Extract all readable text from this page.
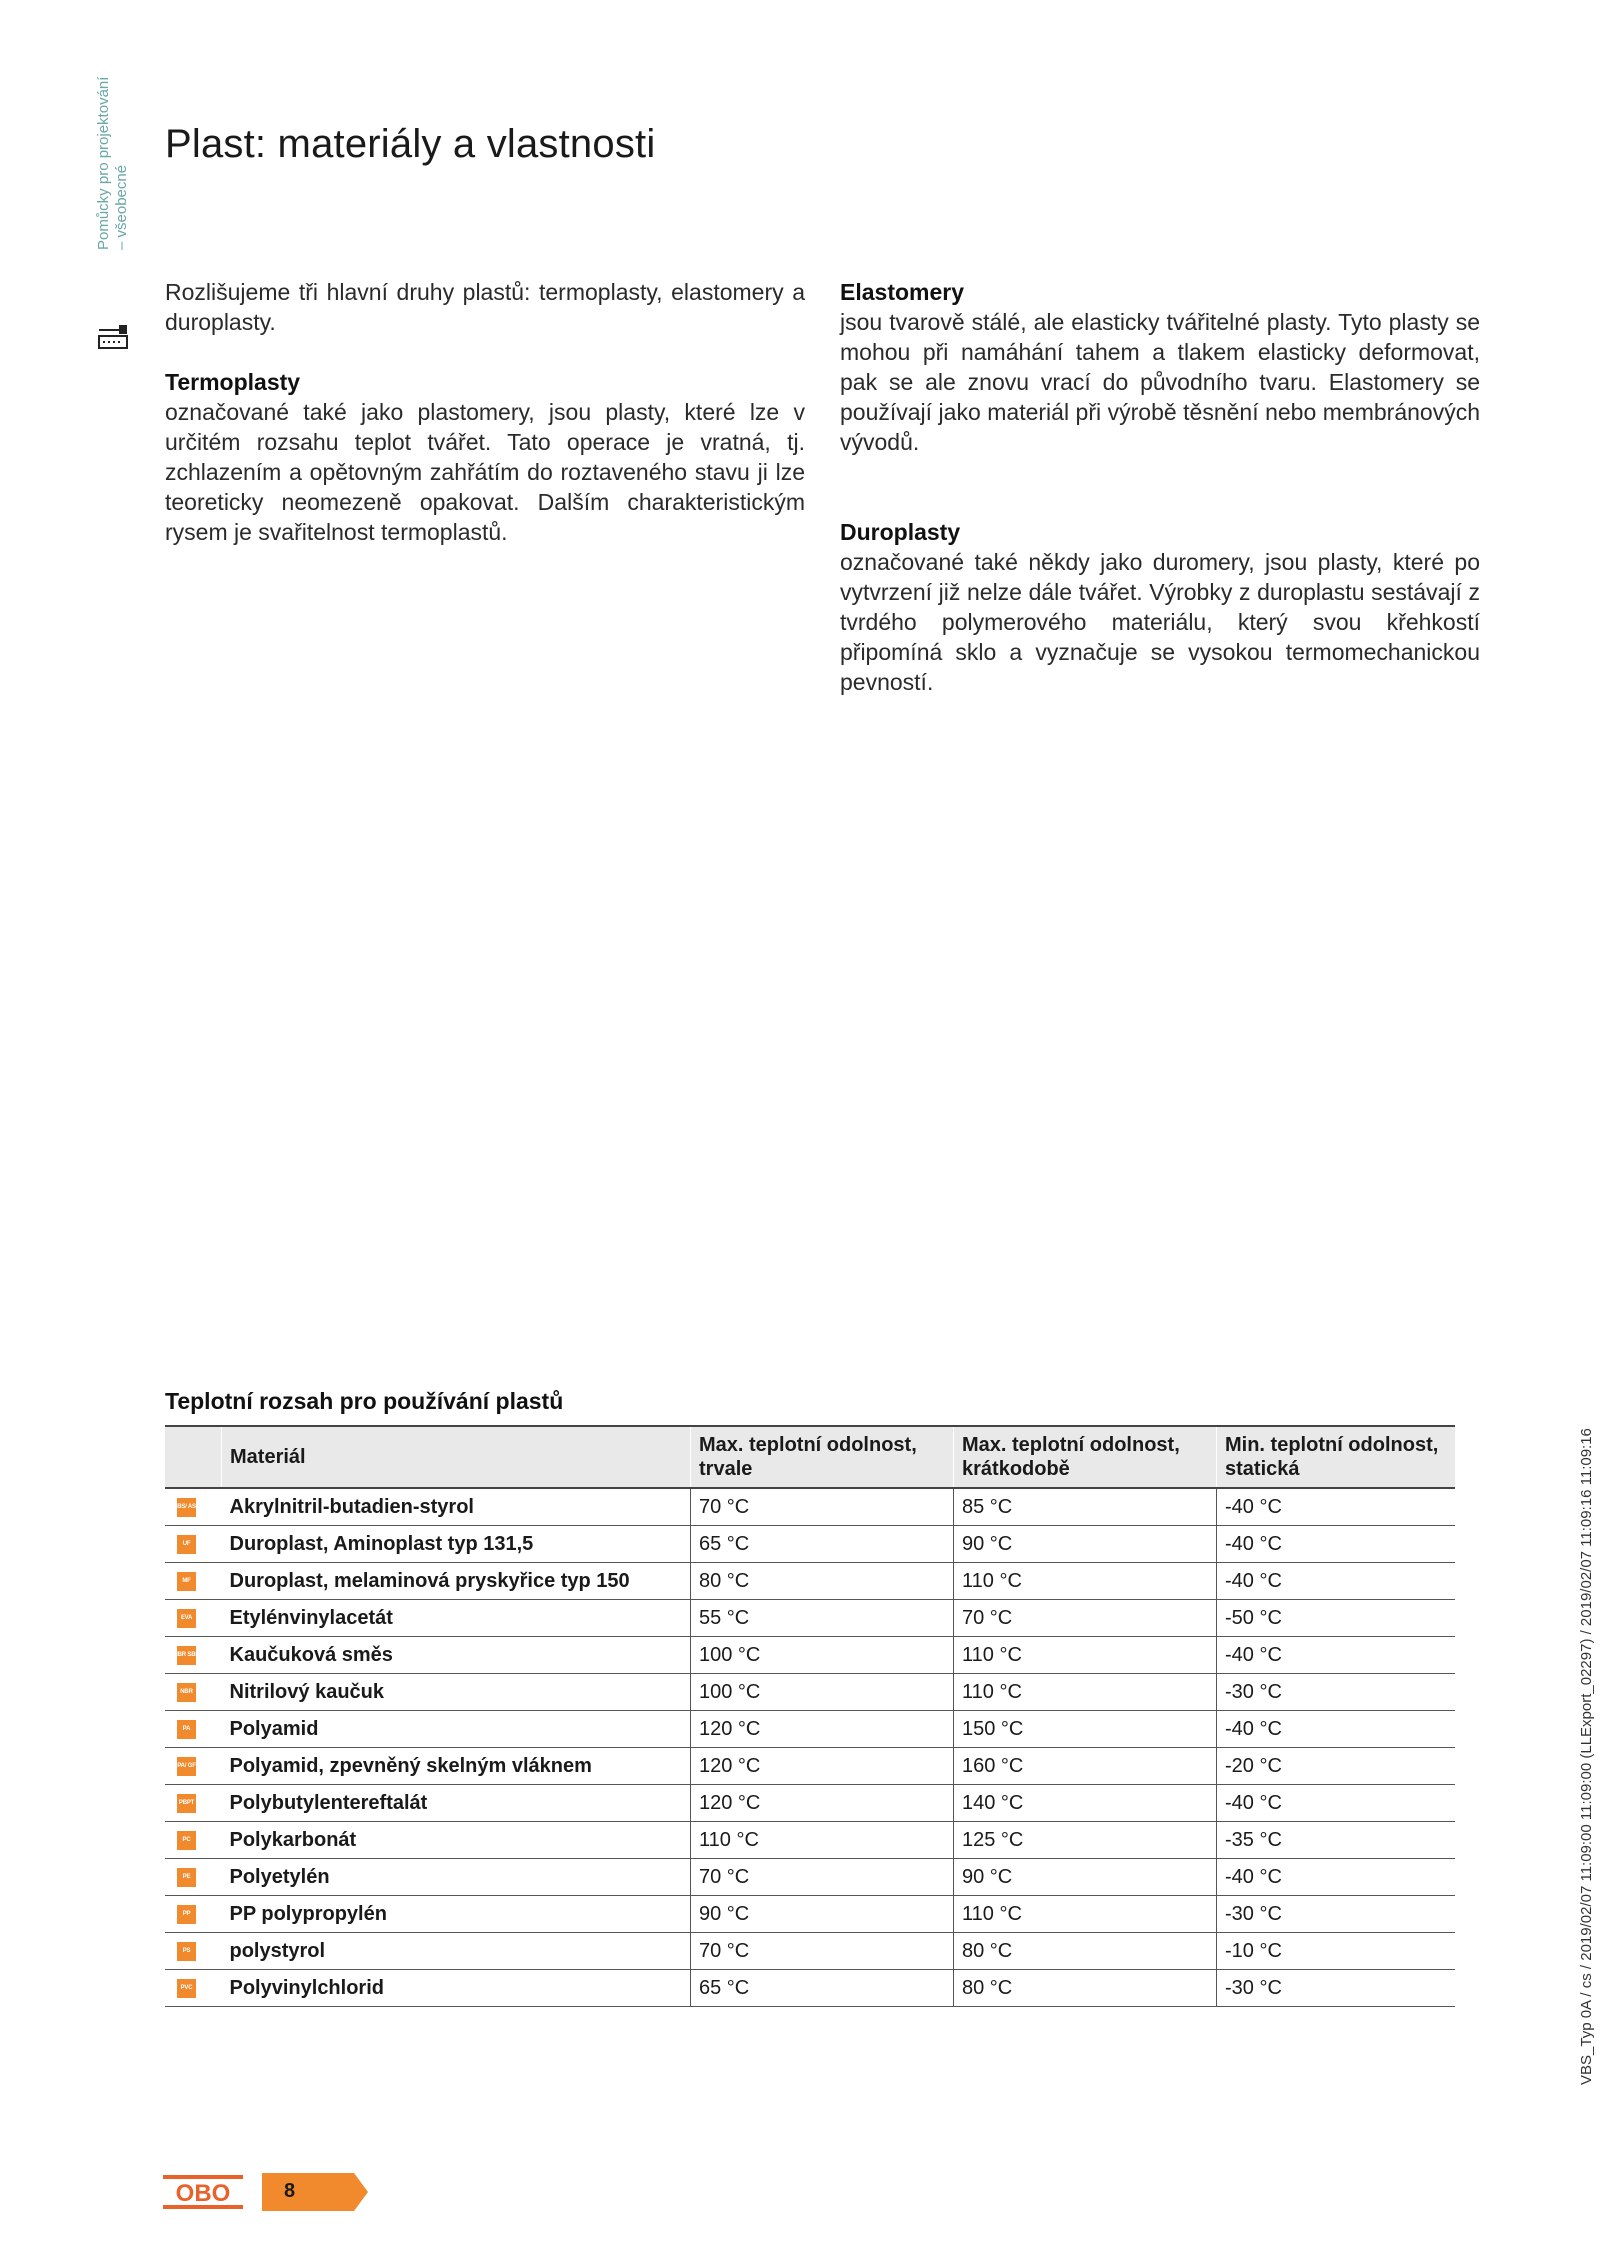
Pomůcky pro projektování – všeobecné
Plast: materiály a vlastnosti

Rozlišujeme tři hlavní druhy plastů: termoplasty, elastomery a duroplasty.

Termoplasty

označované také jako plastomery, jsou plasty, které lze v určitém rozsahu teplot tvářet. Tato operace je vratná, tj. zchlazením a opětovným zahřátím do roztaveného stavu ji lze teoreticky neomezeně opakovat. Dalším charakteristickým rysem je svařitelnost termoplastů.

Elastomery

jsou tvarově stálé, ale elasticky tvářitelné plasty. Tyto plasty se mohou při namáhání tahem a tlakem elasticky deformovat, pak se ale znovu vrací do původního tvaru. Elastomery se používají jako materiál při výrobě těsnění nebo membránových vývodů.

Duroplasty

označované také někdy jako duromery, jsou plasty, které po vytvrzení již nelze dále tvářet. Výrobky z duroplastu sestávají z tvrdého polymerového materiálu, který svou křehkostí připomíná sklo a vyznačuje se vysokou termomechanickou pevností.

Teplotní rozsah pro používání plastů
	Materiál	Max. teplotní odolnost, trvale	Max. teplotní odolnost, krátkodobě	Min. teplotní odolnost, statická
ABS/ ASA	Akrylnitril-butadien-styrol	70 °C	85 °C	-40 °C
UF	Duroplast, Aminoplast typ 131,5	65 °C	90 °C	-40 °C
MF	Duroplast, melaminová pryskyřice typ 150	80 °C	110 °C	-40 °C
EVA	Etylénvinylacetát	55 °C	70 °C	-50 °C
NBR SBR	Kaučuková směs	100 °C	110 °C	-40 °C
NBR	Nitrilový kaučuk	100 °C	110 °C	-30 °C
PA	Polyamid	120 °C	150 °C	-40 °C
PA/ GF	Polyamid, zpevněný skelným vláknem	120 °C	160 °C	-20 °C
PBPT	Polybutylentereftalát	120 °C	140 °C	-40 °C
PC	Polykarbonát	110 °C	125 °C	-35 °C
PE	Polyetylén	70 °C	90 °C	-40 °C
PP	PP polypropylén	90 °C	110 °C	-30 °C
PS	polystyrol	70 °C	80 °C	-10 °C
PVC	Polyvinylchlorid	65 °C	80 °C	-30 °C
OBO	8
VBS_Typ 0A / cs / 2019/02/07 11:09:00 11:09:00 (LLExport_02297) / 2019/02/07 11:09:16 11:09:16
